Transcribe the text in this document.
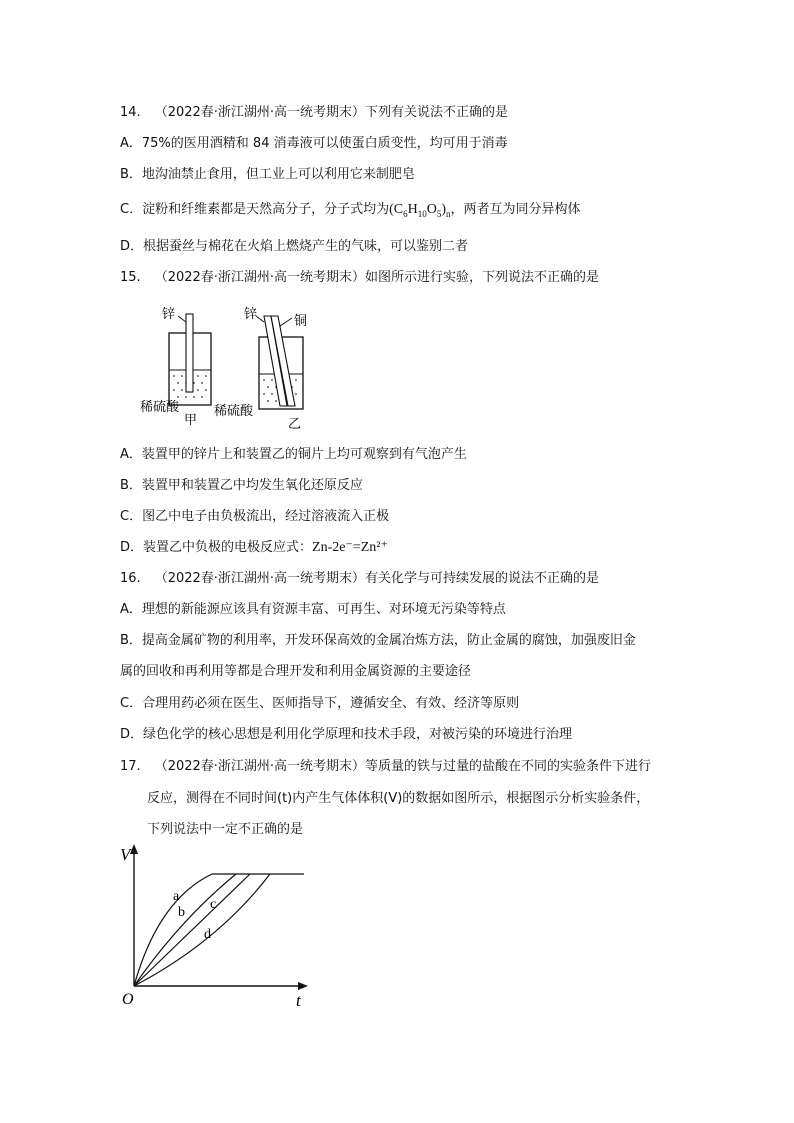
14. （2022春·浙江湖州·高一统考期末）下列有关说法不正确的是
A．75%的医用酒精和 84 消毒液可以使蛋白质变性，均可用于消毒
B．地沟油禁止食用，但工业上可以利用它来制肥皂
C．淀粉和纤维素都是天然高分子，分子式均为$(C_6H_{10}O_5)_n$，两者互为同分异构体
D．根据蚕丝与棉花在火焰上燃烧产生的气味，可以鉴别二者
15. （2022春·浙江湖州·高一统考期末）如图所示进行实验，下列说法不正确的是
锌	锌	铜
稀硫酸	稀硫酸
甲	乙
A．装置甲的锌片上和装置乙的铜片上均可观察到有气泡产生
B．装置甲和装置乙中均发生氧化还原反应
C．图乙中电子由负极流出，经过溶液流入正极
D．装置乙中负极的电极反应式：Zn-2e⁻=Zn²⁺
16. （2022春·浙江湖州·高一统考期末）有关化学与可持续发展的说法不正确的是
A．理想的新能源应该具有资源丰富、可再生、对环境无污染等特点
B．提高金属矿物的利用率，开发环保高效的金属冶炼方法，防止金属的腐蚀，加强废旧金
属的回收和再利用等都是合理开发和利用金属资源的主要途径
C．合理用药必须在医生、医师指导下，遵循安全、有效、经济等原则
D．绿色化学的核心思想是利用化学原理和技术手段，对被污染的环境进行治理
17. （2022春·浙江湖州·高一统考期末）等质量的铁与过量的盐酸在不同的实验条件下进行
反应，测得在不同时间(t)内产生气体体积(V)的数据如图所示，根据图示分析实验条件，
下列说法中一定不正确的是
V
t
O
a
b
c
d
